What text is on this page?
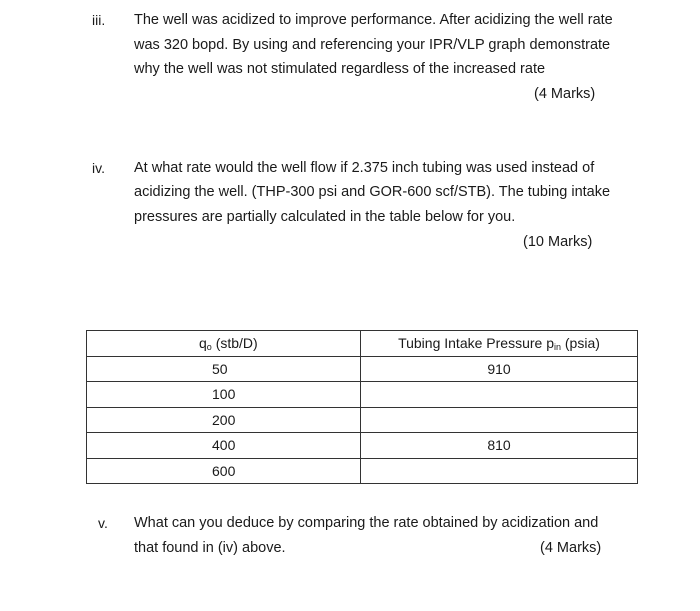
iii. The well was acidized to improve performance. After acidizing the well rate
was 320 bopd. By using and referencing your IPR/VLP graph demonstrate
why the well was not stimulated regardless of the increased rate
(4 Marks)
iv. At what rate would the well flow if 2.375 inch tubing was used instead of
acidizing the well. (THP-300 psi and GOR-600 scf/STB). The tubing intake
pressures are partially calculated in the table below for you.
(10 Marks)
$q_o$ (stb/D)	Tubing Intake Pressure $p_{in}$ (psia)
50	910
100	
200	
400	810
600	
v. What can you deduce by comparing the rate obtained by acidization and
that found in (iv) above.	(4 Marks)
